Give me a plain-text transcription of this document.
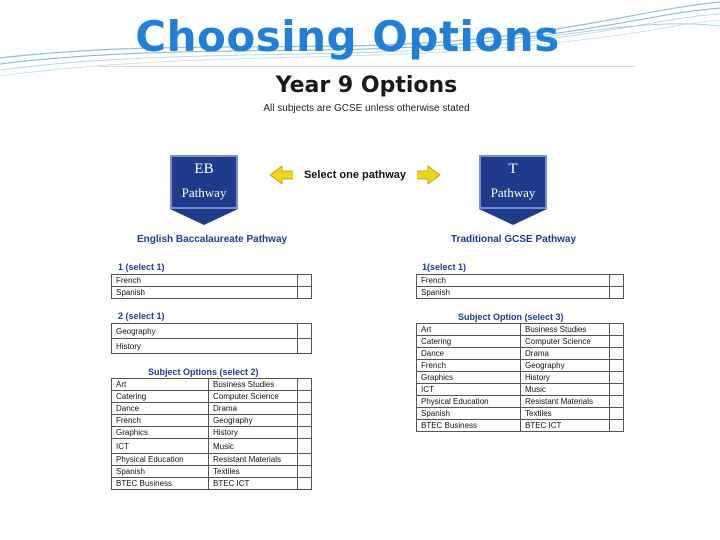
Choosing Options
Year 9 Options
All subjects are GCSE unless otherwise stated
EB
Pathway
T
Pathway
Select one pathway
English Baccalaureate Pathway	Traditional GCSE Pathway
1 (select 1)
French	
Spanish	
2 (select 1)
Geography	
History	
Subject Options (select 2)
Art	Business Studies	
Catering	Computer Science	
Dance	Drama	
French	Geography	
Graphics	History	
ICT	Music	
Physical Education	Resistant Materials	
Spanish	Textiles	
BTEC Business	BTEC ICT	
1(select 1)
French	
Spanish	
Subject Option (select 3)
Art	Business Studies	
Catering	Computer Science	
Dance	Drama	
French	Geography	
Graphics	History	
ICT	Music	
Physical Education	Resistant Materials	
Spanish	Textiles	
BTEC Business	BTEC ICT	
